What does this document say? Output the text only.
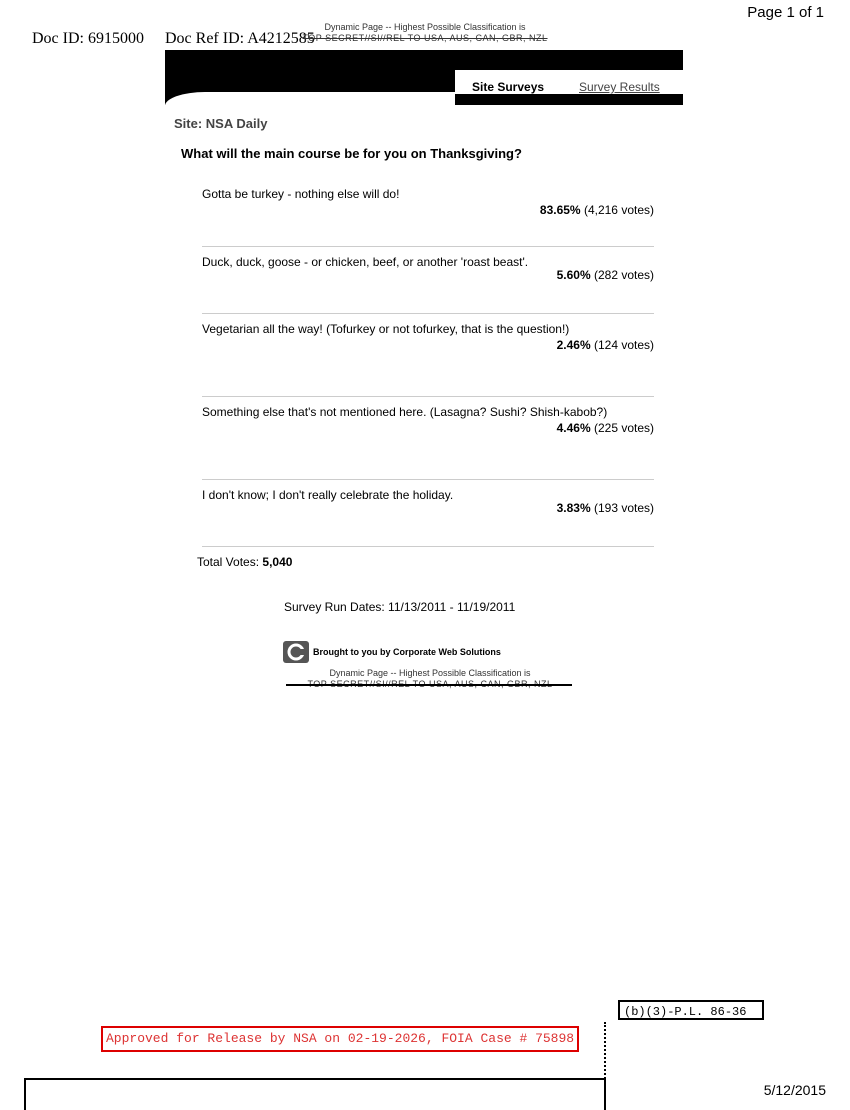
Doc ID: 6915000 Doc Ref ID: A4212585
Page 1 of 1
Dynamic Page -- Highest Possible Classification is
TOP SECRET//SI//REL TO USA, AUS, CAN, GBR, NZL
Site Surveys	Survey Results
Site: NSA Daily
What will the main course be for you on Thanksgiving?
Gotta be turkey - nothing else will do!
83.65% (4,216 votes)
Duck, duck, goose - or chicken, beef, or another 'roast beast'.
5.60% (282 votes)
Vegetarian all the way! (Tofurkey or not tofurkey, that is the question!)
2.46% (124 votes)
Something else that's not mentioned here. (Lasagna? Sushi? Shish-kabob?)
4.46% (225 votes)
I don't know; I don't really celebrate the holiday.
3.83% (193 votes)
Total Votes: 5,040
Survey Run Dates: 11/13/2011 - 11/19/2011
Brought to you by Corporate Web Solutions
Dynamic Page -- Highest Possible Classification is
(b)(3)-P.L. 86-36
Approved for Release by NSA on 02-19-2026, FOIA Case # 75898
5/12/2015
